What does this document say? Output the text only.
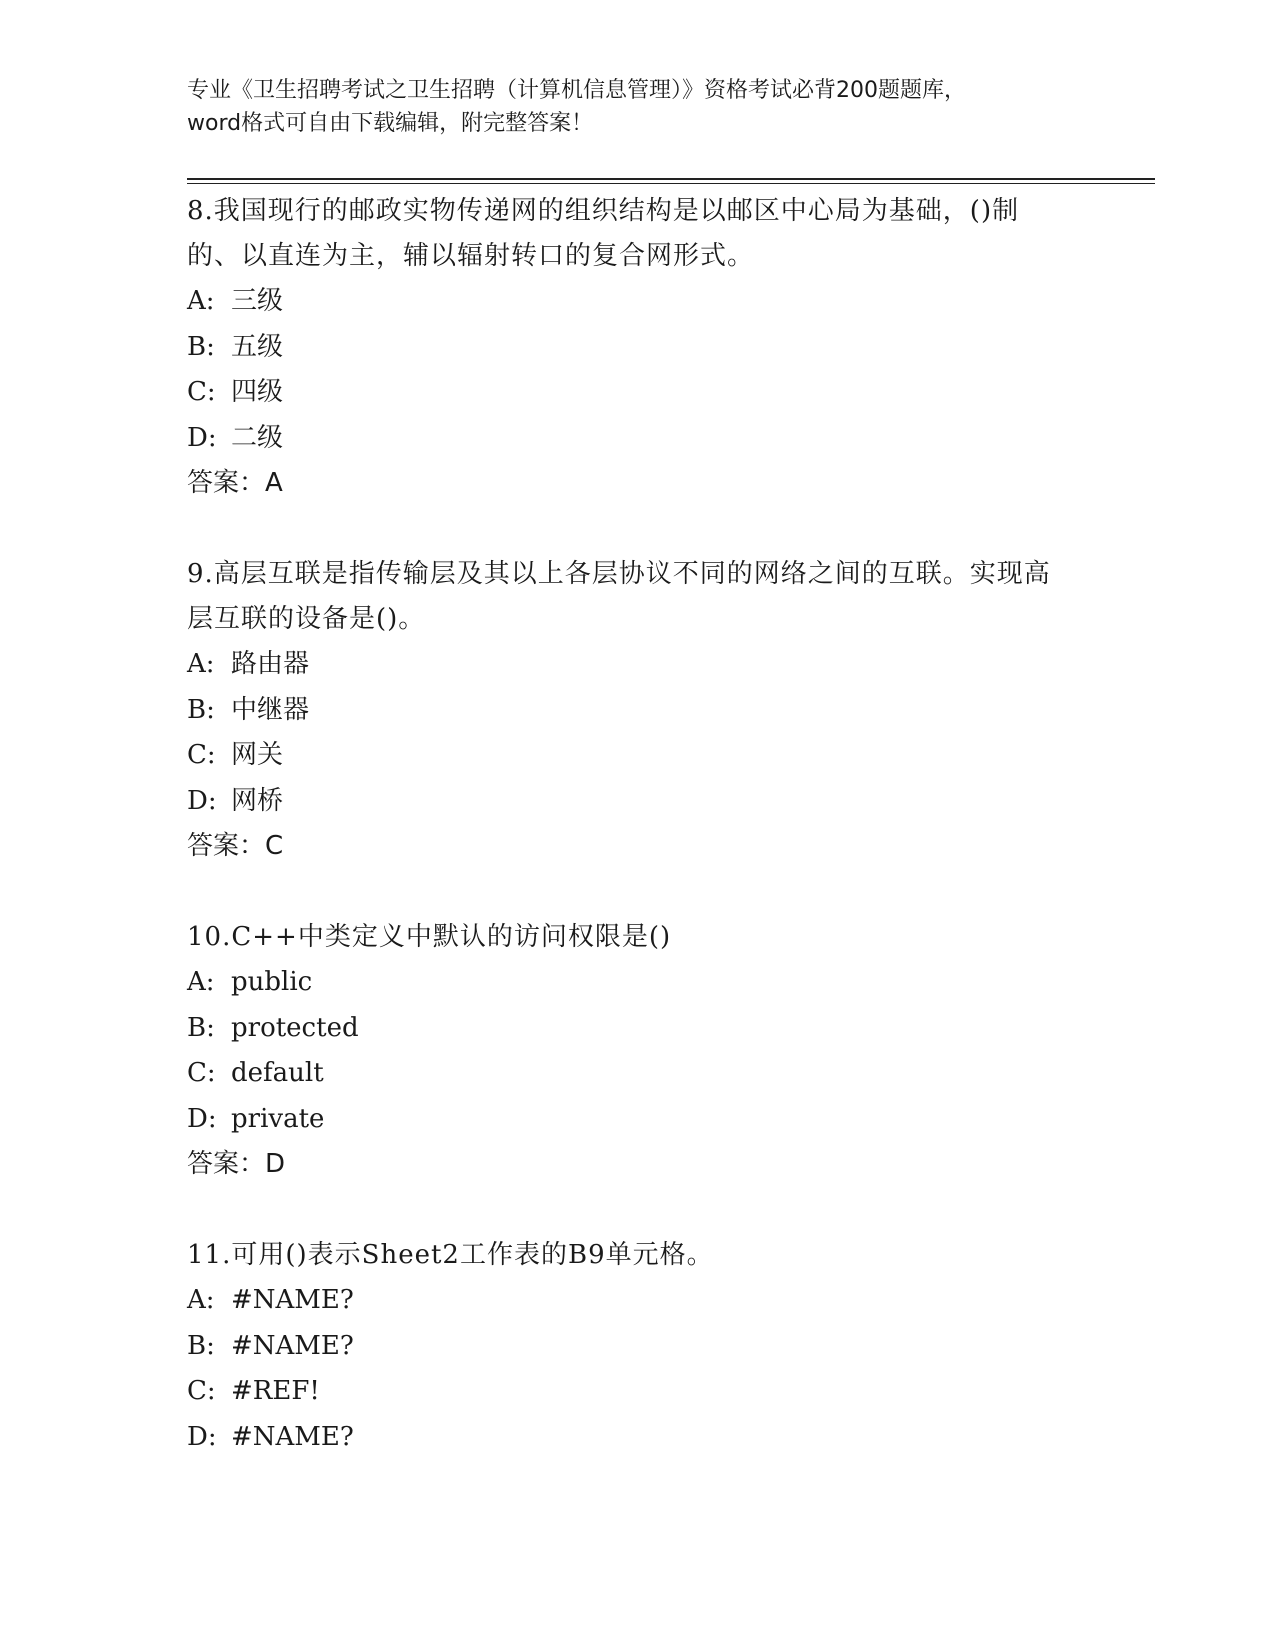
专业《卫生招聘考试之卫生招聘（计算机信息管理）》资格考试必背200题题库，
word格式可自由下载编辑，附完整答案！

8.我国现行的邮政实物传递网的组织结构是以邮区中心局为基础，()制的、以直连为主，辅以辐射转口的复合网形式。

A: 三级

B: 五级

C: 四级

D: 二级

答案：A

9.高层互联是指传输层及其以上各层协议不同的网络之间的互联。实现高层互联的设备是()。

A: 路由器

B: 中继器

C: 网关

D: 网桥

答案：C

10.C++中类定义中默认的访问权限是()

A: public

B: protected

C: default

D: private

答案：D

11.可用()表示Sheet2工作表的B9单元格。

A: #NAME?

B: #NAME?

C: #REF!

D: #NAME?
